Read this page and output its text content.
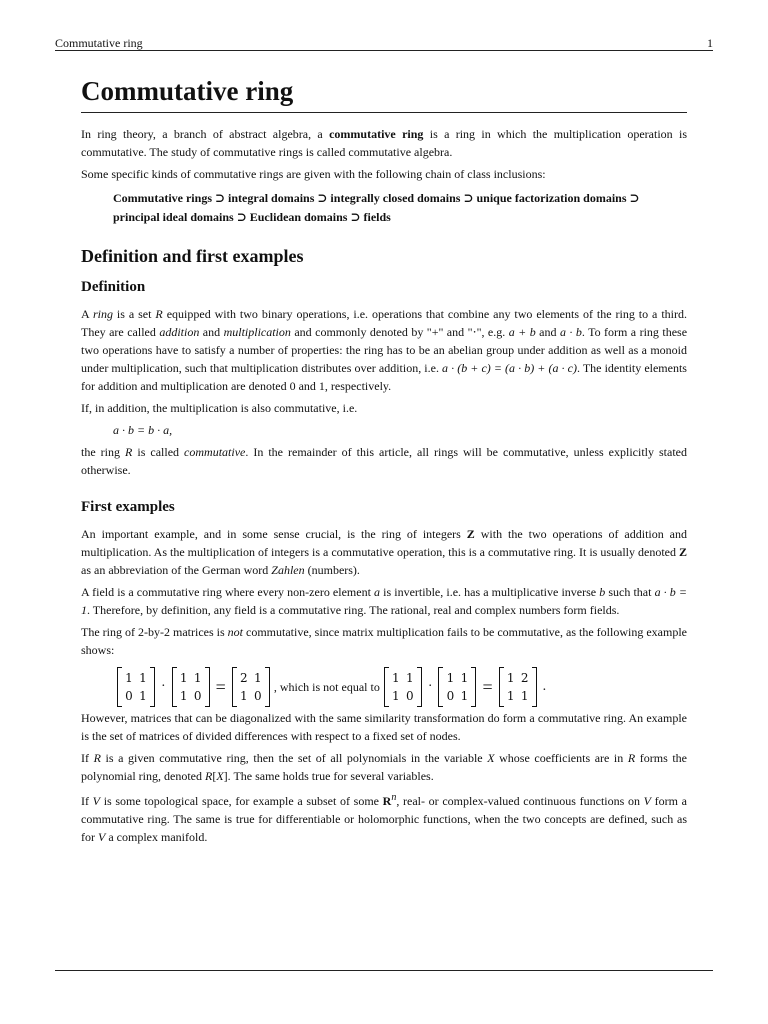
Commutative ring	1
Commutative ring

In ring theory, a branch of abstract algebra, a commutative ring is a ring in which the multiplication operation is commutative. The study of commutative rings is called commutative algebra.

Some specific kinds of commutative rings are given with the following chain of class inclusions:

Commutative rings ⊃ integral domains ⊃ integrally closed domains ⊃ unique factorization domains ⊃ principal ideal domains ⊃ Euclidean domains ⊃ fields
Definition and first examples
Definition

A ring is a set R equipped with two binary operations, i.e. operations that combine any two elements of the ring to a third. They are called addition and multiplication and commonly denoted by "+" and "⋅", e.g. a + b and a · b. To form a ring these two operations have to satisfy a number of properties: the ring has to be an abelian group under addition as well as a monoid under multiplication, such that multiplication distributes over addition, i.e. a · (b + c) = (a · b) + (a · c). The identity elements for addition and multiplication are denoted 0 and 1, respectively.

If, in addition, the multiplication is also commutative, i.e.

a · b = b · a,

the ring R is called commutative. In the remainder of this article, all rings will be commutative, unless explicitly stated otherwise.

First examples

An important example, and in some sense crucial, is the ring of integers Z with the two operations of addition and multiplication. As the multiplication of integers is a commutative operation, this is a commutative ring. It is usually denoted Z as an abbreviation of the German word Zahlen (numbers).

A field is a commutative ring where every non-zero element a is invertible, i.e. has a multiplicative inverse b such that a · b = 1. Therefore, by definition, any field is a commutative ring. The rational, real and complex numbers form fields.

The ring of 2-by-2 matrices is not commutative, since matrix multiplication fails to be commutative, as the following example shows:

1 1
0 1
·
1 1
1 0 = 2 1
1 0
, which is not equal to
1 1
1 0
·
1 1
0 1 = 1 2
1 1
.

However, matrices that can be diagonalized with the same similarity transformation do form a commutative ring. An example is the set of matrices of divided differences with respect to a fixed set of nodes.

If R is a given commutative ring, then the set of all polynomials in the variable X whose coefficients are in R forms the polynomial ring, denoted R[X]. The same holds true for several variables.

If V is some topological space, for example a subset of some $R^n$, real- or complex-valued continuous functions on V form a commutative ring. The same is true for differentiable or holomorphic functions, when the two concepts are defined, such as for V a complex manifold.
